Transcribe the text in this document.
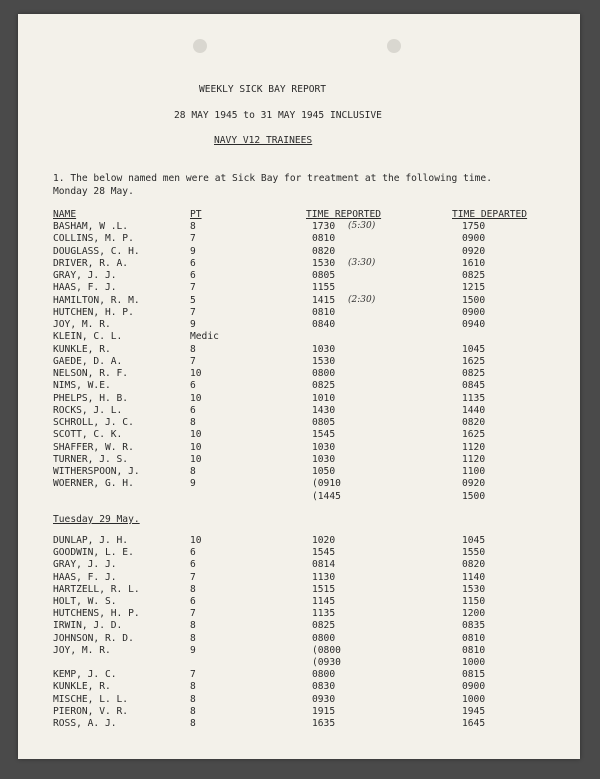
WEEKLY SICK BAY REPORT
28 MAY 1945 to 31 MAY 1945 INCLUSIVE
NAVY V12 TRAINEES
1. The below named men were at Sick Bay for treatment at the following time.
Monday 28 May.
NAME	PT	TIME REPORTED	TIME DEPARTED
BASHAM, W .L.	8	1730	1750
(5:30)
COLLINS, M. P.	7	0810	0900
DOUGLASS, C. H.	9	0820	0920
DRIVER, R. A.	6	1530	1610
(3:30)
GRAY, J. J.	6	0805	0825
HAAS, F. J.	7	1155	1215
HAMILTON, R. M.	5	1415	1500
(2:30)
HUTCHEN, H. P.	7	0810	0900
JOY, M. R.	9	0840	0940
KLEIN, C. L.	Medic
KUNKLE, R.	8	1030	1045
GAEDE, D. A.	7	1530	1625
NELSON, R. F.	10	0800	0825
NIMS, W.E.	6	0825	0845
PHELPS, H. B.	10	1010	1135
ROCKS, J. L.	6	1430	1440
SCHROLL, J. C.	8	0805	0820
SCOTT, C. K.	10	1545	1625
SHAFFER, W. R.	10	1030	1120
TURNER, J. S.	10	1030	1120
WITHERSPOON, J.	8	1050	1100
WOERNER, G. H.	9	(0910	0920
(1445	1500
Tuesday 29 May.
DUNLAP, J. H.	10	1020	1045
GOODWIN, L. E.	6	1545	1550
GRAY, J. J.	6	0814	0820
HAAS, F. J.	7	1130	1140
HARTZELL, R. L.	8	1515	1530
HOLT, W. S.	6	1145	1150
HUTCHENS, H. P.	7	1135	1200
IRWIN, J. D.	8	0825	0835
JOHNSON, R. D.	8	0800	0810
JOY, M. R.	9	(0800	0810
(0930	1000
KEMP, J. C.	7	0800	0815
KUNKLE, R.	8	0830	0900
MISCHE, L. L.	8	0930	1000
PIERON, V. R.	8	1915	1945
ROSS, A. J.	8	1635	1645
